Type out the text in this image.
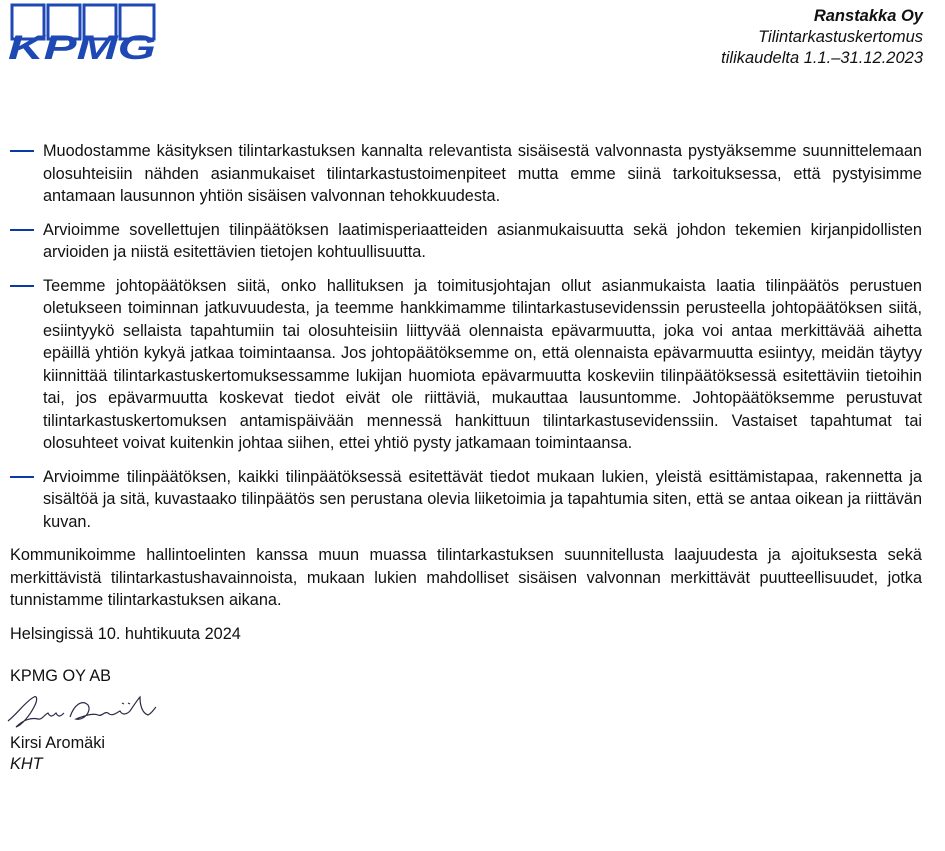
KPMG
Ranstakka Oy
Tilintarkastuskertomus
tilikaudelta 1.1.–31.12.2023
Muodostamme käsityksen tilintarkastuksen kannalta relevantista sisäisestä valvonnasta pystyäksemme suunnittelemaan olosuhteisiin nähden asianmukaiset tilintarkastustoimenpiteet mutta emme siinä tarkoituksessa, että pystyisimme antamaan lausunnon yhtiön sisäisen valvonnan tehokkuudesta.
Arvioimme sovellettujen tilinpäätöksen laatimisperiaatteiden asianmukaisuutta sekä johdon tekemien kirjanpidollisten arvioiden ja niistä esitettävien tietojen kohtuullisuutta.
Teemme johtopäätöksen siitä, onko hallituksen ja toimitusjohtajan ollut asianmukaista laatia tilinpäätös perustuen oletukseen toiminnan jatkuvuudesta, ja teemme hankkimamme tilintarkastusevidenssin perusteella johtopäätöksen siitä, esiintyykö sellaista tapahtumiin tai olosuhteisiin liittyvää olennaista epävarmuutta, joka voi antaa merkittävää aihetta epäillä yhtiön kykyä jatkaa toimintaansa. Jos johtopäätöksemme on, että olennaista epävarmuutta esiintyy, meidän täytyy kiinnittää tilintarkastuskertomuksessamme lukijan huomiota epävarmuutta koskeviin tilinpäätöksessä esitettäviin tietoihin tai, jos epävarmuutta koskevat tiedot eivät ole riittäviä, mukauttaa lausuntomme. Johtopäätöksemme perustuvat tilintarkastuskertomuksen antamispäivään mennessä hankittuun tilintarkastusevidenssiin. Vastaiset tapahtumat tai olosuhteet voivat kuitenkin johtaa siihen, ettei yhtiö pysty jatkamaan toimintaansa.
Arvioimme tilinpäätöksen, kaikki tilinpäätöksessä esitettävät tiedot mukaan lukien, yleistä esittämistapaa, rakennetta ja sisältöä ja sitä, kuvastaako tilinpäätös sen perustana olevia liiketoimia ja tapahtumia siten, että se antaa oikean ja riittävän kuvan.

Kommunikoimme hallintoelinten kanssa muun muassa tilintarkastuksen suunnitellusta laajuudesta ja ajoituksesta sekä merkittävistä tilintarkastushavainnoista, mukaan lukien mahdolliset sisäisen valvonnan merkittävät puutteellisuudet, jotka tunnistamme tilintarkastuksen aikana.

Helsingissä 10. huhtikuuta 2024

KPMG OY AB
Kirsi Aromäki
KHT
